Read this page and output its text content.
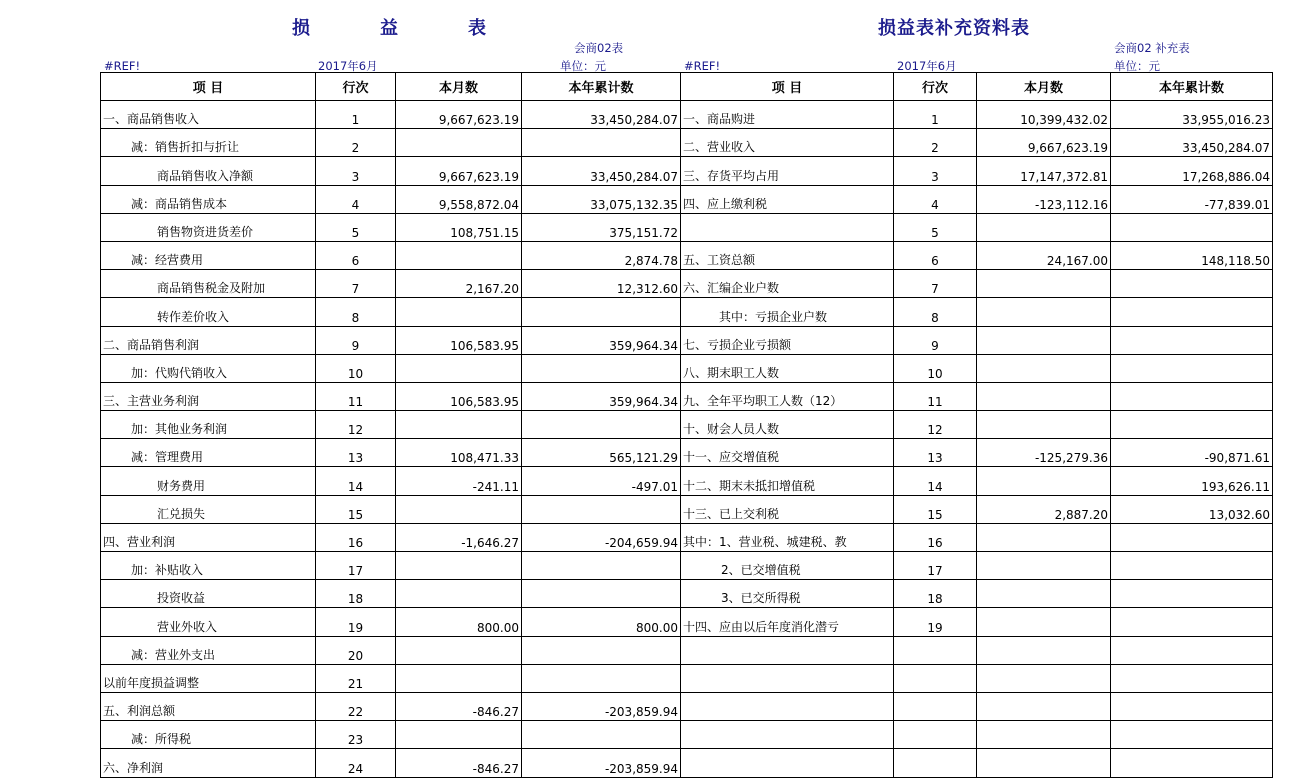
损	益	表	损益表补充资料表
#REF!	2017年6月
会商02表
单位：元	#REF!	2017年6月
会商02 补充表
单位：元
项 目	行次	本月数	本年累计数	项 目	行次	本月数	本年累计数
一、商品销售收入	1	9,667,623.19	33,450,284.07	一、商品购进	1	10,399,432.02	33,955,016.23
减：销售折扣与折让	2			二、营业收入	2	9,667,623.19	33,450,284.07
商品销售收入净额	3	9,667,623.19	33,450,284.07	三、存货平均占用	3	17,147,372.81	17,268,886.04
减：商品销售成本	4	9,558,872.04	33,075,132.35	四、应上缴利税	4	-123,112.16	-77,839.01
销售物资进货差价	5	108,751.15	375,151.72		5		
减：经营费用	6		2,874.78	五、工资总额	6	24,167.00	148,118.50
商品销售税金及附加	7	2,167.20	12,312.60	六、汇编企业户数	7		
转作差价收入	8			其中：亏损企业户数	8		
二、商品销售利润	9	106,583.95	359,964.34	七、亏损企业亏损额	9		
加：代购代销收入	10			八、期末职工人数	10		
三、主营业务利润	11	106,583.95	359,964.34	九、全年平均职工人数（12）	11		
加：其他业务利润	12			十、财会人员人数	12		
减：管理费用	13	108,471.33	565,121.29	十一、应交增值税	13	-125,279.36	-90,871.61
财务费用	14	-241.11	-497.01	十二、期末未抵扣增值税	14		193,626.11
汇兑损失	15			十三、已上交利税	15	2,887.20	13,032.60
四、营业利润	16	-1,646.27	-204,659.94	其中：1、营业税、城建税、教	16		
加：补贴收入	17			2、已交增值税	17		
投资收益	18			3、已交所得税	18		
营业外收入	19	800.00	800.00	十四、应由以后年度消化潜亏	19		
减：营业外支出	20						
以前年度损益调整	21						
五、利润总额	22	-846.27	-203,859.94				
减：所得税	23						
六、净利润	24	-846.27	-203,859.94				
